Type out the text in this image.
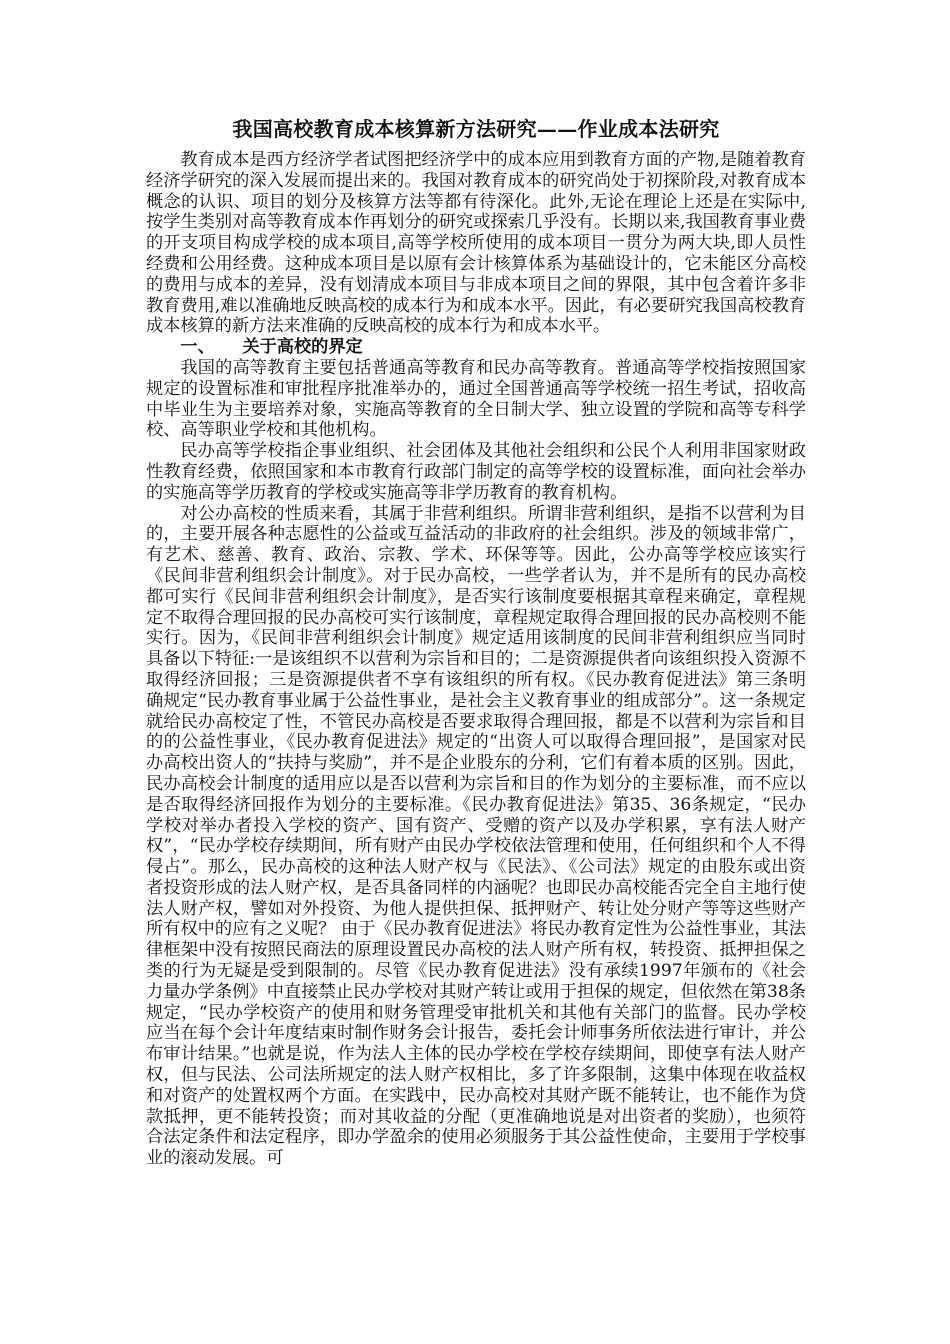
我国高校教育成本核算新方法研究——作业成本法研究

教育成本是西方经济学者试图把经济学中的成本应用到教育方面的产物,是随着教育经济学研究的深入发展而提出来的。我国对教育成本的研究尚处于初探阶段,对教育成本概念的认识、项目的划分及核算方法等都有待深化。此外,无论在理论上还是在实际中,按学生类别对高等教育成本作再划分的研究或探索几乎没有。长期以来,我国教育事业费的开支项目构成学校的成本项目,高等学校所使用的成本项目一贯分为两大块,即人员性经费和公用经费。这种成本项目是以原有会计核算体系为基础设计的，它未能区分高校的费用与成本的差异，没有划清成本项目与非成本项目之间的界限，其中包含着许多非教育费用,难以准确地反映高校的成本行为和成本水平。因此，有必要研究我国高校教育成本核算的新方法来准确的反映高校的成本行为和成本水平。

一、 关于高校的界定

我国的高等教育主要包括普通高等教育和民办高等教育。普通高等学校指按照国家规定的设置标准和审批程序批准举办的，通过全国普通高等学校统一招生考试，招收高中毕业生为主要培养对象，实施高等教育的全日制大学、独立设置的学院和高等专科学校、高等职业学校和其他机构。

民办高等学校指企事业组织、社会团体及其他社会组织和公民个人利用非国家财政性教育经费，依照国家和本市教育行政部门制定的高等学校的设置标准，面向社会举办的实施高等学历教育的学校或实施高等非学历教育的教育机构。

对公办高校的性质来看，其属于非营利组织。所谓非营利组织，是指不以营利为目的，主要开展各种志愿性的公益或互益活动的非政府的社会组织。涉及的领域非常广，有艺术、慈善、教育、政治、宗教、学术、环保等等。因此，公办高等学校应该实行《民间非营利组织会计制度》。对于民办高校，一些学者认为，并不是所有的民办高校都可实行《民间非营利组织会计制度》，是否实行该制度要根据其章程来确定，章程规定不取得合理回报的民办高校可实行该制度，章程规定取得合理回报的民办高校则不能实行。因为，《民间非营利组织会计制度》规定适用该制度的民间非营利组织应当同时具备以下特征:一是该组织不以营利为宗旨和目的；二是资源提供者向该组织投入资源不取得经济回报；三是资源提供者不享有该组织的所有权。《民办教育促进法》第三条明确规定“民办教育事业属于公益性事业，是社会主义教育事业的组成部分”。这一条规定就给民办高校定了性，不管民办高校是否要求取得合理回报，都是不以营利为宗旨和目的的公益性事业，《民办教育促进法》规定的“出资人可以取得合理回报”，是国家对民办高校出资人的“扶持与奖励”，并不是企业股东的分利，它们有着本质的区别。因此，民办高校会计制度的适用应以是否以营利为宗旨和目的作为划分的主要标准，而不应以是否取得经济回报作为划分的主要标准。《民办教育促进法》第35、36条规定，“民办学校对举办者投入学校的资产、国有资产、受赠的资产以及办学积累，享有法人财产权”，“民办学校存续期间，所有财产由民办学校依法管理和使用，任何组织和个人不得侵占”。那么，民办高校的这种法人财产权与《民法》、《公司法》规定的由股东或出资者投资形成的法人财产权，是否具备同样的内涵呢？也即民办高校能否完全自主地行使法人财产权，譬如对外投资、为他人提供担保、抵押财产、转让处分财产等等这些财产所有权中的应有之义呢？ 由于《民办教育促进法》将民办教育定性为公益性事业，其法律框架中没有按照民商法的原理设置民办高校的法人财产所有权，转投资、抵押担保之类的行为无疑是受到限制的。尽管《民办教育促进法》没有承续1997年颁布的《社会力量办学条例》中直接禁止民办学校对其财产转让或用于担保的规定，但依然在第38条规定，“民办学校资产的使用和财务管理受审批机关和其他有关部门的监督。民办学校应当在每个会计年度结束时制作财务会计报告，委托会计师事务所依法进行审计，并公布审计结果。”也就是说，作为法人主体的民办学校在学校存续期间，即使享有法人财产权，但与民法、公司法所规定的法人财产权相比，多了许多限制，这集中体现在收益权和对资产的处置权两个方面。在实践中，民办高校对其财产既不能转让，也不能作为贷款抵押，更不能转投资；而对其收益的分配（更准确地说是对出资者的奖励），也须符合法定条件和法定程序，即办学盈余的使用必须服务于其公益性使命，主要用于学校事业的滚动发展。可
